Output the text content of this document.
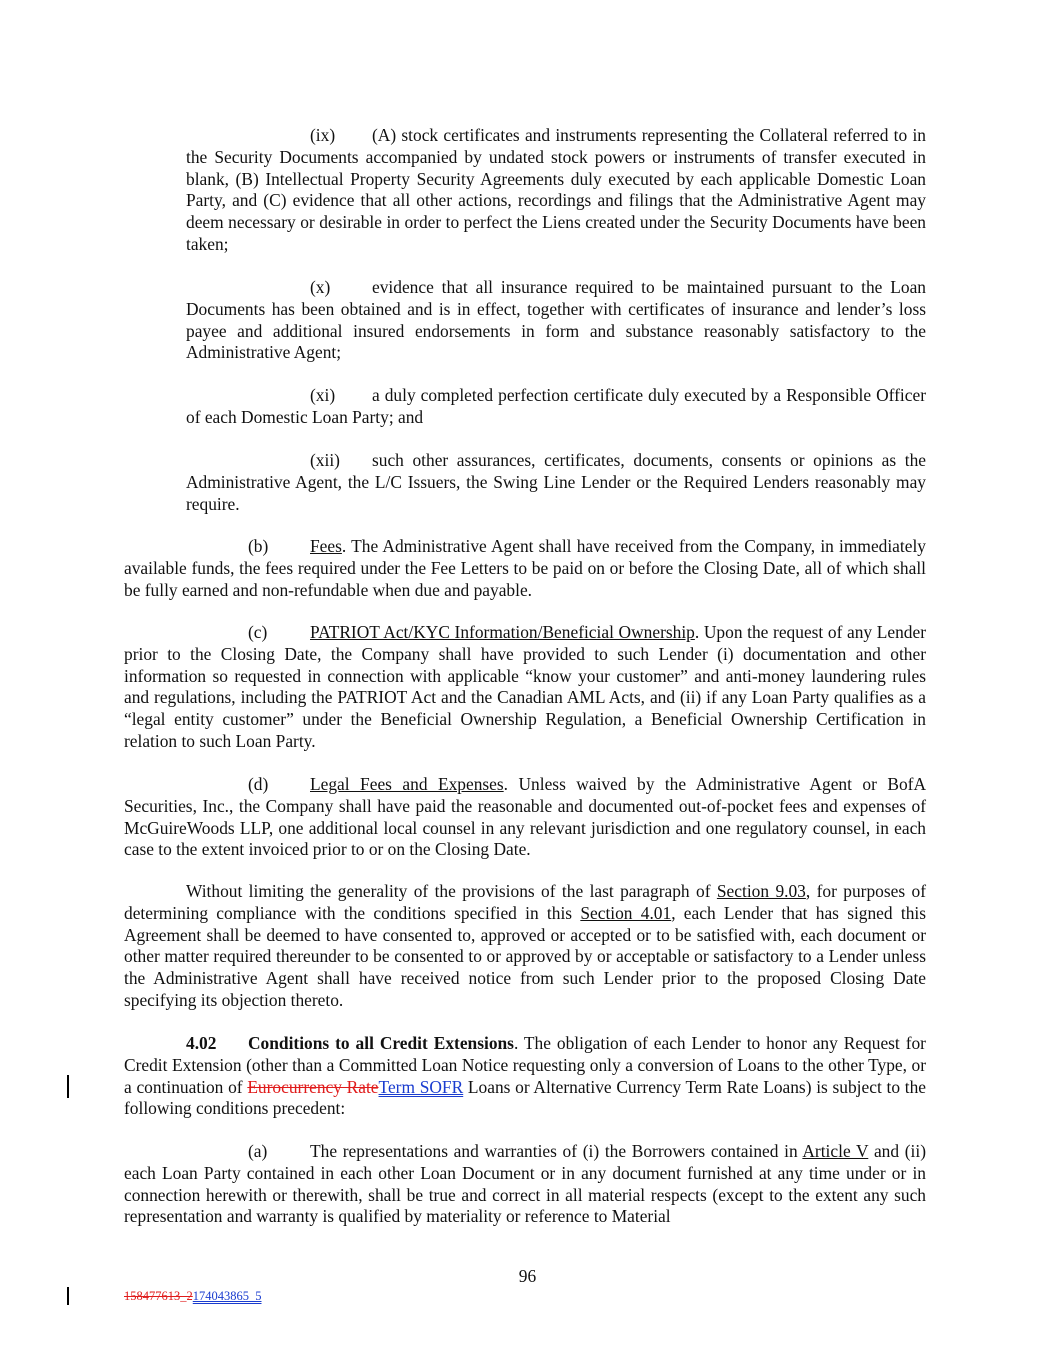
(ix) (A) stock certificates and instruments representing the Collateral referred to in the Security Documents accompanied by undated stock powers or instruments of transfer executed in blank, (B) Intellectual Property Security Agreements duly executed by each applicable Domestic Loan Party, and (C) evidence that all other actions, recordings and filings that the Administrative Agent may deem necessary or desirable in order to perfect the Liens created under the Security Documents have been taken;

(x) evidence that all insurance required to be maintained pursuant to the Loan Documents has been obtained and is in effect, together with certificates of insurance and lender’s loss payee and additional insured endorsements in form and substance reasonably satisfactory to the Administrative Agent;

(xi) a duly completed perfection certificate duly executed by a Responsible Officer of each Domestic Loan Party; and

(xii) such other assurances, certificates, documents, consents or opinions as the Administrative Agent, the L/C Issuers, the Swing Line Lender or the Required Lenders reasonably may require.

(b) Fees. The Administrative Agent shall have received from the Company, in immediately available funds, the fees required under the Fee Letters to be paid on or before the Closing Date, all of which shall be fully earned and non-refundable when due and payable.

(c) PATRIOT Act/KYC Information/Beneficial Ownership. Upon the request of any Lender prior to the Closing Date, the Company shall have provided to such Lender (i) documentation and other information so requested in connection with applicable “know your customer” and anti-money laundering rules and regulations, including the PATRIOT Act and the Canadian AML Acts, and (ii) if any Loan Party qualifies as a “legal entity customer” under the Beneficial Ownership Regulation, a Beneficial Ownership Certification in relation to such Loan Party.

(d) Legal Fees and Expenses. Unless waived by the Administrative Agent or BofA Securities, Inc., the Company shall have paid the reasonable and documented out-of-pocket fees and expenses of McGuireWoods LLP, one additional local counsel in any relevant jurisdiction and one regulatory counsel, in each case to the extent invoiced prior to or on the Closing Date.

Without limiting the generality of the provisions of the last paragraph of Section 9.03, for purposes of determining compliance with the conditions specified in this Section 4.01, each Lender that has signed this Agreement shall be deemed to have consented to, approved or accepted or to be satisfied with, each document or other matter required thereunder to be consented to or approved by or acceptable or satisfactory to a Lender unless the Administrative Agent shall have received notice from such Lender prior to the proposed Closing Date specifying its objection thereto.

4.02 Conditions to all Credit Extensions. The obligation of each Lender to honor any Request for Credit Extension (other than a Committed Loan Notice requesting only a conversion of Loans to the other Type, or a continuation of Eurocurrency RateTerm SOFR Loans or Alternative Currency Term Rate Loans) is subject to the following conditions precedent:

(a) The representations and warranties of (i) the Borrowers contained in Article V and (ii) each Loan Party contained in each other Loan Document or in any document furnished at any time under or in connection herewith or therewith, shall be true and correct in all material respects (except to the extent any such representation and warranty is qualified by materiality or reference to Material

96
158477613_2174043865_5
